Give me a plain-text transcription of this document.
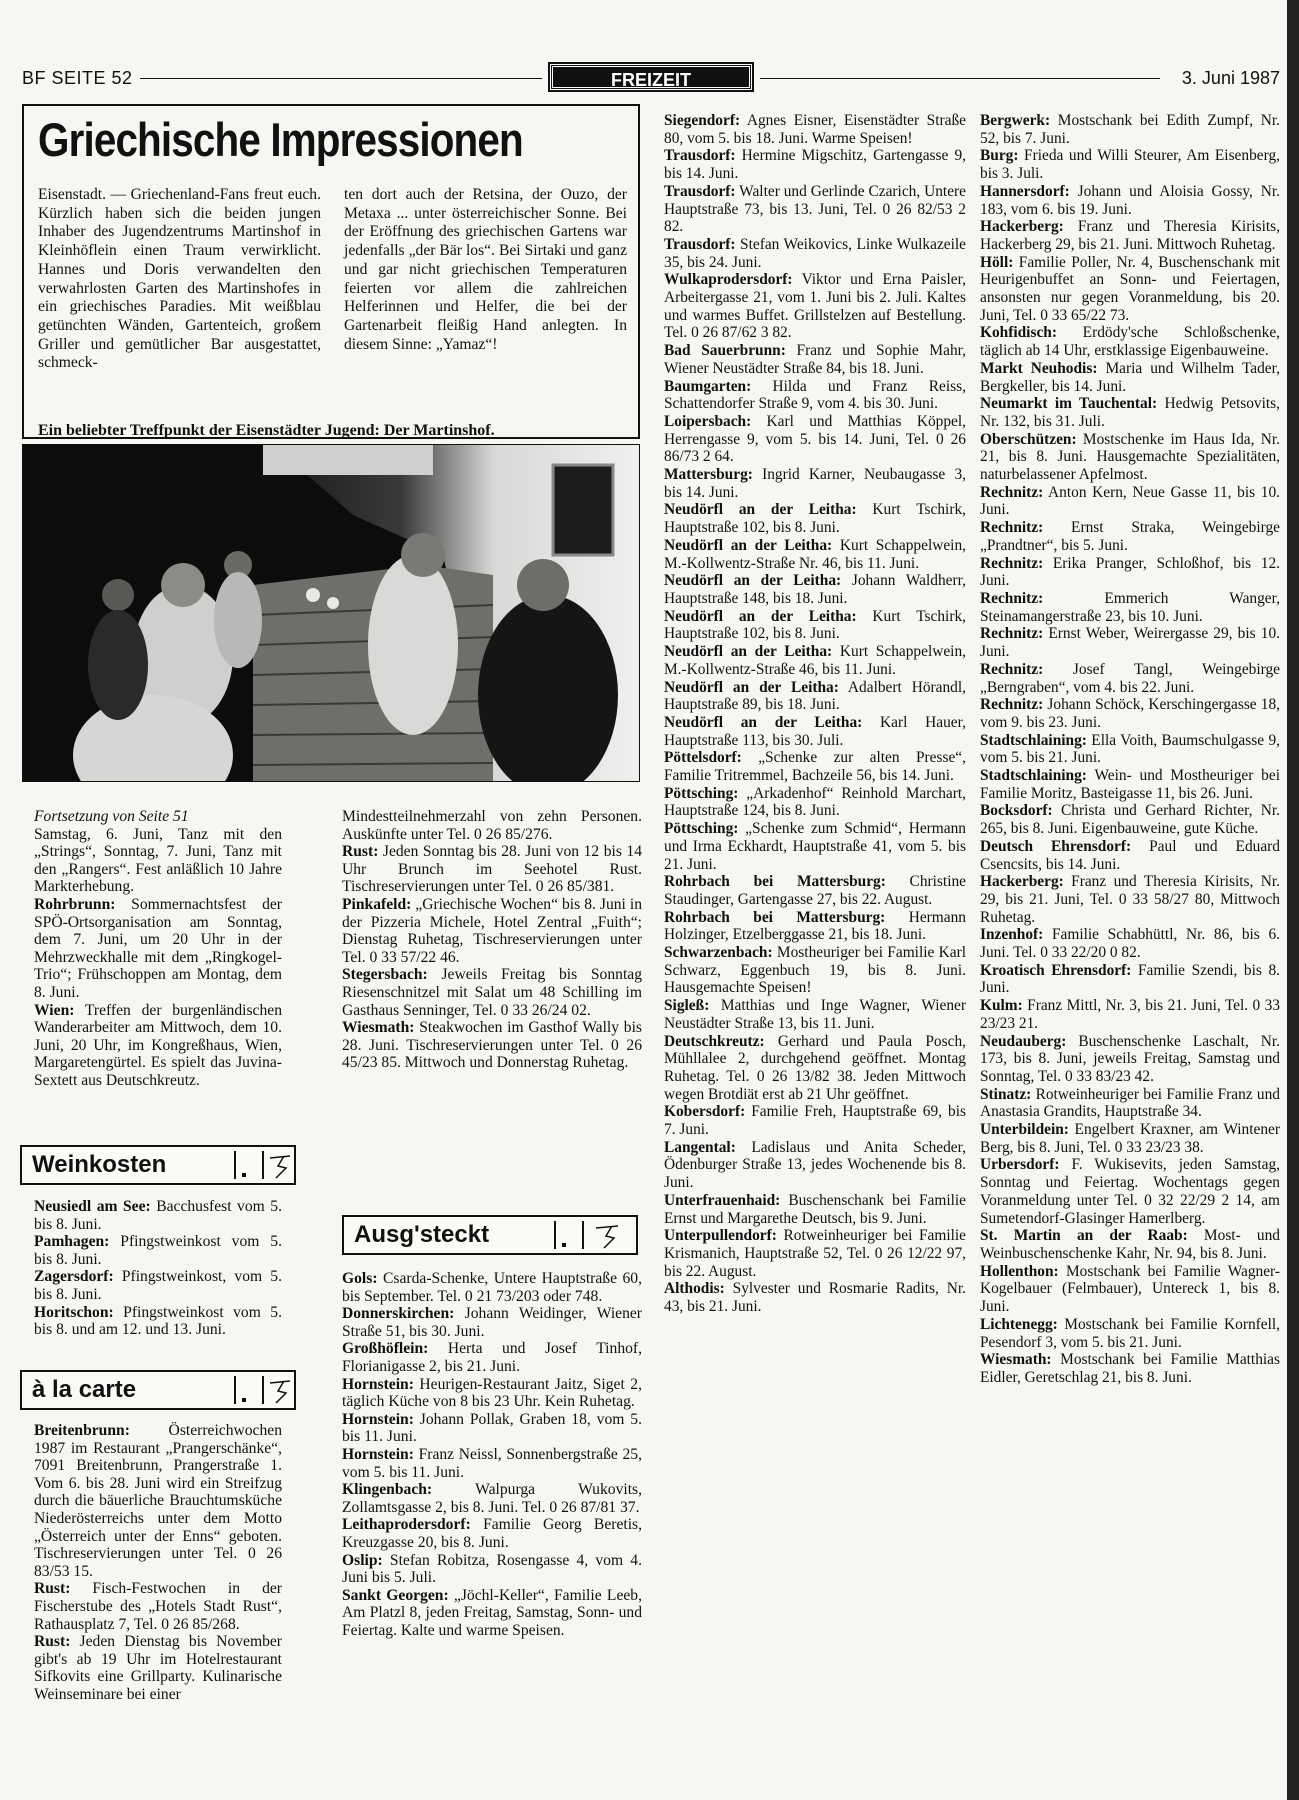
BF SEITE 52	FREIZEIT	3. Juni 1987
Griechische Impressionen
Eisenstadt. — Griechenland-Fans freut euch. Kürzlich haben sich die beiden jungen Inhaber des Jugendzentrums Martinshof in Kleinhöflein einen Traum verwirklicht. Hannes und Doris verwandelten den verwahrlosten Garten des Martinshofes in ein griechisches Paradies. Mit weißblau getünchten Wänden, Gartenteich, großem Griller und gemütlicher Bar ausgestattet, schmeck-
ten dort auch der Retsina, der Ouzo, der Metaxa ... unter österreichischer Sonne. Bei der Eröffnung des griechischen Gartens war jedenfalls „der Bär los“. Bei Sirtaki und ganz und gar nicht griechischen Temperaturen feierten vor allem die zahlreichen Helferinnen und Helfer, die bei der Gartenarbeit fleißig Hand anlegten. In diesem Sinne: „Yamaz“!
Ein beliebter Treffpunkt der Eisenstädter Jugend: Der Martinshof.

Fortsetzung von Seite 51

Samstag, 6. Juni, Tanz mit den „Strings“, Sonntag, 7. Juni, Tanz mit den „Rangers“. Fest anläßlich 10 Jahre Markterhebung.

Rohrbrunn: Sommernachtsfest der SPÖ-Ortsorganisation am Sonntag, dem 7. Juni, um 20 Uhr in der Mehrzweckhalle mit dem „Ringkogel-Trio“; Frühschoppen am Montag, dem 8. Juni.

Wien: Treffen der burgenländischen Wanderarbeiter am Mittwoch, dem 10. Juni, 20 Uhr, im Kongreßhaus, Wien, Margaretengürtel. Es spielt das Juvina-Sextett aus Deutschkreutz.

Weinkosten

Neusiedl am See: Bacchusfest vom 5. bis 8. Juni.

Pamhagen: Pfingstweinkost vom 5. bis 8. Juni.

Zagersdorf: Pfingstweinkost, vom 5. bis 8. Juni.

Horitschon: Pfingstweinkost vom 5. bis 8. und am 12. und 13. Juni.

à la carte

Breitenbrunn: Österreichwochen 1987 im Restaurant „Prangerschänke“, 7091 Breitenbrunn, Prangerstraße 1. Vom 6. bis 28. Juni wird ein Streifzug durch die bäuerliche Brauchtumsküche Niederösterreichs unter dem Motto „Österreich unter der Enns“ geboten. Tischreservierungen unter Tel. 0 26 83/53 15.

Rust: Fisch-Festwochen in der Fischerstube des „Hotels Stadt Rust“, Rathausplatz 7, Tel. 0 26 85/268.

Rust: Jeden Dienstag bis November gibt's ab 19 Uhr im Hotelrestaurant Sifkovits eine Grillparty. Kulinarische Weinseminare bei einer

Mindestteilnehmerzahl von zehn Personen. Auskünfte unter Tel. 0 26 85/276.

Rust: Jeden Sonntag bis 28. Juni von 12 bis 14 Uhr Brunch im Seehotel Rust. Tischreservierungen unter Tel. 0 26 85/381.

Pinkafeld: „Griechische Wochen“ bis 8. Juni in der Pizzeria Michele, Hotel Zentral „Fuith“; Dienstag Ruhetag, Tischreservierungen unter Tel. 0 33 57/22 46.

Stegersbach: Jeweils Freitag bis Sonntag Riesenschnitzel mit Salat um 48 Schilling im Gasthaus Senninger, Tel. 0 33 26/24 02.

Wiesmath: Steakwochen im Gasthof Wally bis 28. Juni. Tischreservierungen unter Tel. 0 26 45/23 85. Mittwoch und Donnerstag Ruhetag.

Ausg'steckt

Gols: Csarda-Schenke, Untere Hauptstraße 60, bis September. Tel. 0 21 73/203 oder 748.

Donnerskirchen: Johann Weidinger, Wiener Straße 51, bis 30. Juni.

Großhöflein: Herta und Josef Tinhof, Florianigasse 2, bis 21. Juni.

Hornstein: Heurigen-Restaurant Jaitz, Siget 2, täglich Küche von 8 bis 23 Uhr. Kein Ruhetag.

Hornstein: Johann Pollak, Graben 18, vom 5. bis 11. Juni.

Hornstein: Franz Neissl, Sonnenbergstraße 25, vom 5. bis 11. Juni.

Klingenbach: Walpurga Wukovits, Zollamtsgasse 2, bis 8. Juni. Tel. 0 26 87/81 37.

Leithaprodersdorf: Familie Georg Beretis, Kreuzgasse 20, bis 8. Juni.

Oslip: Stefan Robitza, Rosengasse 4, vom 4. Juni bis 5. Juli.

Sankt Georgen: „Jöchl-Keller“, Familie Leeb, Am Platzl 8, jeden Freitag, Samstag, Sonn- und Feiertag. Kalte und warme Speisen.

Siegendorf: Agnes Eisner, Eisenstädter Straße 80, vom 5. bis 18. Juni. Warme Speisen!

Trausdorf: Hermine Migschitz, Gartengasse 9, bis 14. Juni.

Trausdorf: Walter und Gerlinde Czarich, Untere Hauptstraße 73, bis 13. Juni, Tel. 0 26 82/53 2 82.

Trausdorf: Stefan Weikovics, Linke Wulkazeile 35, bis 24. Juni.

Wulkaprodersdorf: Viktor und Erna Paisler, Arbeitergasse 21, vom 1. Juni bis 2. Juli. Kaltes und warmes Buffet. Grillstelzen auf Bestellung. Tel. 0 26 87/62 3 82.

Bad Sauerbrunn: Franz und Sophie Mahr, Wiener Neustädter Straße 84, bis 18. Juni.

Baumgarten: Hilda und Franz Reiss, Schattendorfer Straße 9, vom 4. bis 30. Juni.

Loipersbach: Karl und Matthias Köppel, Herrengasse 9, vom 5. bis 14. Juni, Tel. 0 26 86/73 2 64.

Mattersburg: Ingrid Karner, Neubaugasse 3, bis 14. Juni.

Neudörfl an der Leitha: Kurt Tschirk, Hauptstraße 102, bis 8. Juni.

Neudörfl an der Leitha: Kurt Schappelwein, M.-Kollwentz-Straße Nr. 46, bis 11. Juni.

Neudörfl an der Leitha: Johann Waldherr, Hauptstraße 148, bis 18. Juni.

Neudörfl an der Leitha: Kurt Tschirk, Hauptstraße 102, bis 8. Juni.

Neudörfl an der Leitha: Kurt Schappelwein, M.-Kollwentz-Straße 46, bis 11. Juni.

Neudörfl an der Leitha: Adalbert Hörandl, Hauptstraße 89, bis 18. Juni.

Neudörfl an der Leitha: Karl Hauer, Hauptstraße 113, bis 30. Juli.

Pöttelsdorf: „Schenke zur alten Presse“, Familie Tritremmel, Bachzeile 56, bis 14. Juni.

Pöttsching: „Arkadenhof“ Reinhold Marchart, Hauptstraße 124, bis 8. Juni.

Pöttsching: „Schenke zum Schmid“, Hermann und Irma Eckhardt, Hauptstraße 41, vom 5. bis 21. Juni.

Rohrbach bei Mattersburg: Christine Staudinger, Gartengasse 27, bis 22. August.

Rohrbach bei Mattersburg: Hermann Holzinger, Etzelberggasse 21, bis 18. Juni.

Schwarzenbach: Mostheuriger bei Familie Karl Schwarz, Eggenbuch 19, bis 8. Juni. Hausgemachte Speisen!

Sigleß: Matthias und Inge Wagner, Wiener Neustädter Straße 13, bis 11. Juni.

Deutschkreutz: Gerhard und Paula Posch, Mühllalee 2, durchgehend geöffnet. Montag Ruhetag. Tel. 0 26 13/82 38. Jeden Mittwoch wegen Brotdiät erst ab 21 Uhr geöffnet.

Kobersdorf: Familie Freh, Hauptstraße 69, bis 7. Juni.

Langental: Ladislaus und Anita Scheder, Ödenburger Straße 13, jedes Wochenende bis 8. Juni.

Unterfrauenhaid: Buschenschank bei Familie Ernst und Margarethe Deutsch, bis 9. Juni.

Unterpullendorf: Rotweinheuriger bei Familie Krismanich, Hauptstraße 52, Tel. 0 26 12/22 97, bis 22. August.

Althodis: Sylvester und Rosmarie Radits, Nr. 43, bis 21. Juni.

Bergwerk: Mostschank bei Edith Zumpf, Nr. 52, bis 7. Juni.

Burg: Frieda und Willi Steurer, Am Eisenberg, bis 3. Juli.

Hannersdorf: Johann und Aloisia Gossy, Nr. 183, vom 6. bis 19. Juni.

Hackerberg: Franz und Theresia Kirisits, Hackerberg 29, bis 21. Juni. Mittwoch Ruhetag.

Höll: Familie Poller, Nr. 4, Buschenschank mit Heurigenbuffet an Sonn- und Feiertagen, ansonsten nur gegen Voranmeldung, bis 20. Juni, Tel. 0 33 65/22 73.

Kohfidisch: Erdödy'sche Schloßschenke, täglich ab 14 Uhr, erstklassige Eigenbauweine.

Markt Neuhodis: Maria und Wilhelm Tader, Bergkeller, bis 14. Juni.

Neumarkt im Tauchental: Hedwig Petsovits, Nr. 132, bis 31. Juli.

Oberschützen: Mostschenke im Haus Ida, Nr. 21, bis 8. Juni. Hausgemachte Spezialitäten, naturbelassener Apfelmost.

Rechnitz: Anton Kern, Neue Gasse 11, bis 10. Juni.

Rechnitz: Ernst Straka, Weingebirge „Prandtner“, bis 5. Juni.

Rechnitz: Erika Pranger, Schloßhof, bis 12. Juni.

Rechnitz: Emmerich Wanger, Steinamangerstraße 23, bis 10. Juni.

Rechnitz: Ernst Weber, Weirergasse 29, bis 10. Juni.

Rechnitz: Josef Tangl, Weingebirge „Berngraben“, vom 4. bis 22. Juni.

Rechnitz: Johann Schöck, Kerschingergasse 18, vom 9. bis 23. Juni.

Stadtschlaining: Ella Voith, Baumschulgasse 9, vom 5. bis 21. Juni.

Stadtschlaining: Wein- und Mostheuriger bei Familie Moritz, Basteigasse 11, bis 26. Juni.

Bocksdorf: Christa und Gerhard Richter, Nr. 265, bis 8. Juni. Eigenbauweine, gute Küche.

Deutsch Ehrensdorf: Paul und Eduard Csencsits, bis 14. Juni.

Hackerberg: Franz und Theresia Kirisits, Nr. 29, bis 21. Juni, Tel. 0 33 58/27 80, Mittwoch Ruhetag.

Inzenhof: Familie Schabhüttl, Nr. 86, bis 6. Juni. Tel. 0 33 22/20 0 82.

Kroatisch Ehrensdorf: Familie Szendi, bis 8. Juni.

Kulm: Franz Mittl, Nr. 3, bis 21. Juni, Tel. 0 33 23/23 21.

Neudauberg: Buschenschenke Laschalt, Nr. 173, bis 8. Juni, jeweils Freitag, Samstag und Sonntag, Tel. 0 33 83/23 42.

Stinatz: Rotweinheuriger bei Familie Franz und Anastasia Grandits, Hauptstraße 34.

Unterbildein: Engelbert Kraxner, am Wintener Berg, bis 8. Juni, Tel. 0 33 23/23 38.

Urbersdorf: F. Wukisevits, jeden Samstag, Sonntag und Feiertag. Wochentags gegen Voranmeldung unter Tel. 0 32 22/29 2 14, am Sumetendorf-Glasinger Hamerlberg.

St. Martin an der Raab: Most- und Weinbuschenschenke Kahr, Nr. 94, bis 8. Juni.

Hollenthon: Mostschank bei Familie Wagner-Kogelbauer (Felmbauer), Untereck 1, bis 8. Juni.

Lichtenegg: Mostschank bei Familie Kornfell, Pesendorf 3, vom 5. bis 21. Juni.

Wiesmath: Mostschank bei Familie Matthias Eidler, Geretschlag 21, bis 8. Juni.
